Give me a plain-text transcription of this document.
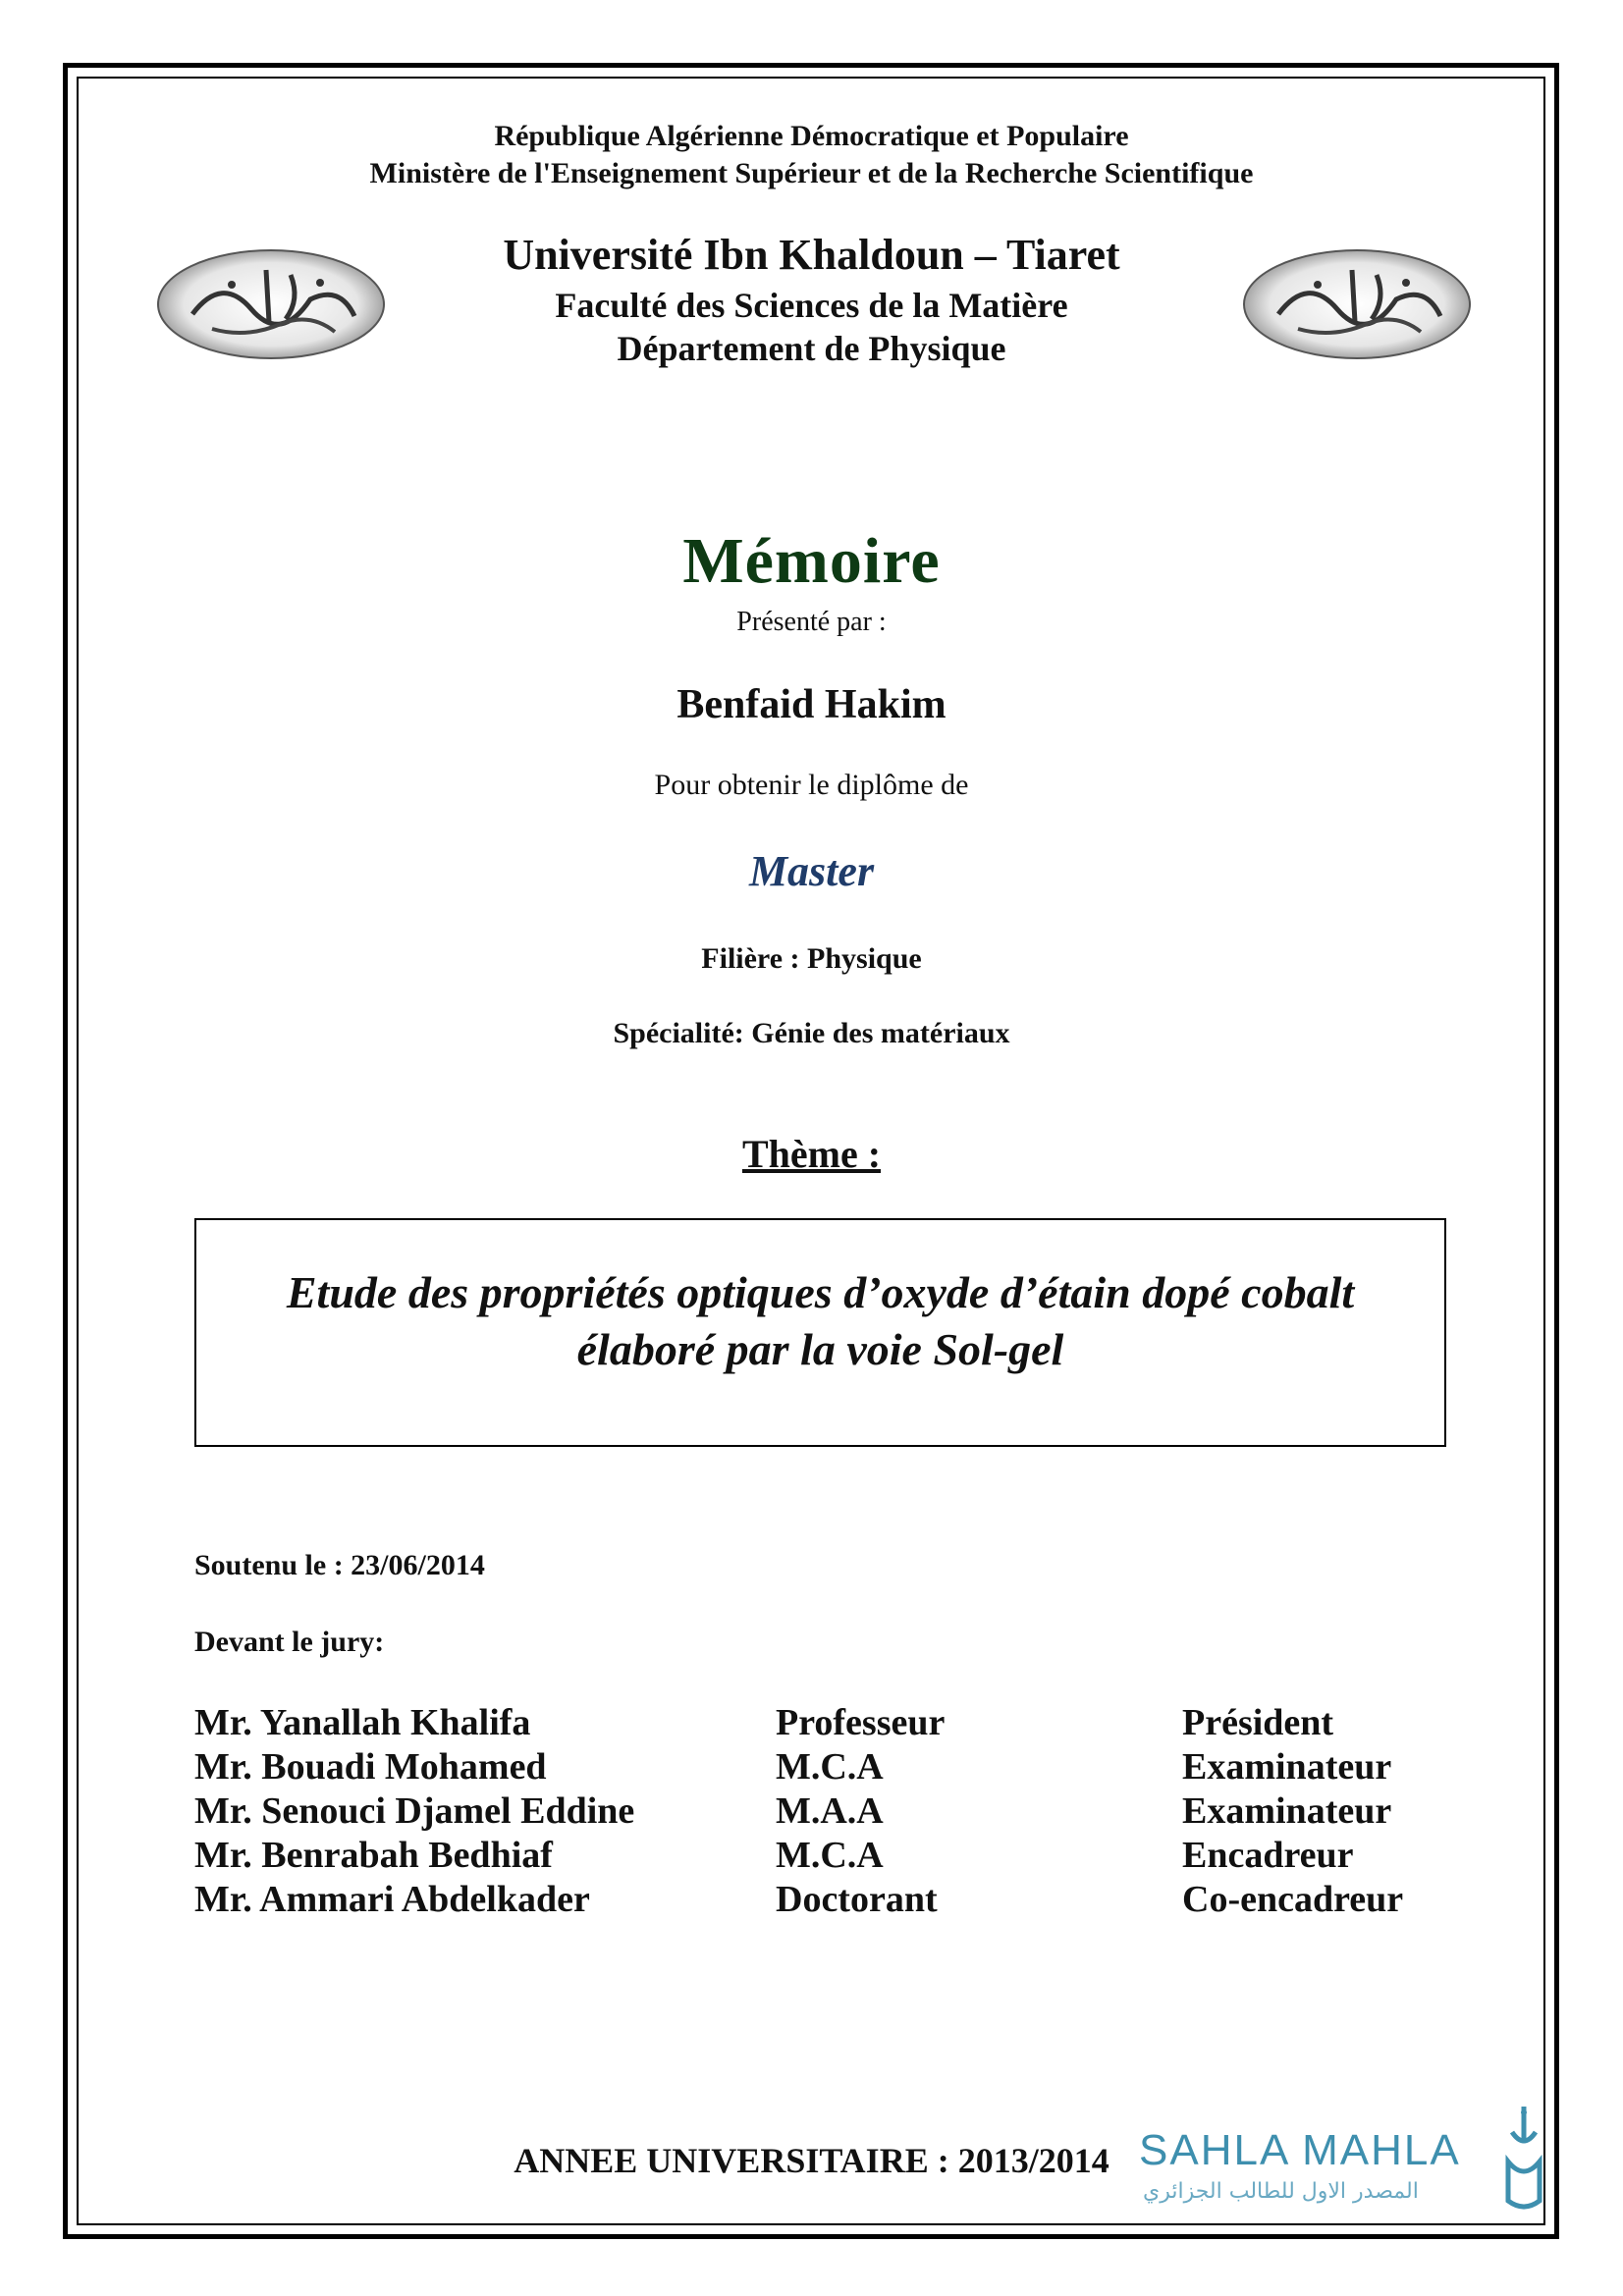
République Algérienne Démocratique et Populaire
Ministère de l'Enseignement Supérieur et de la Recherche Scientifique
Université Ibn Khaldoun – Tiaret
Faculté des Sciences de la Matière
Département de Physique
Mémoire
Présenté par :
Benfaid Hakim
Pour obtenir le diplôme de
Master
Filière : Physique
Spécialité: Génie des matériaux
Thème :
Etude des propriétés optiques d’oxyde d’étain dopé cobalt
élaboré par la voie Sol-gel
Soutenu le : 23/06/2014
Devant le jury:
Mr. Yanallah Khalifa	Professeur	Président
Mr. Bouadi Mohamed	M.C.A	Examinateur
Mr. Senouci Djamel Eddine	M.A.A	Examinateur
Mr. Benrabah Bedhiaf	M.C.A	Encadreur
Mr. Ammari Abdelkader	Doctorant	Co-encadreur
ANNEE UNIVERSITAIRE : 2013/2014 SAHLA MAHLA
المصدر الاول للطالب الجزائري
